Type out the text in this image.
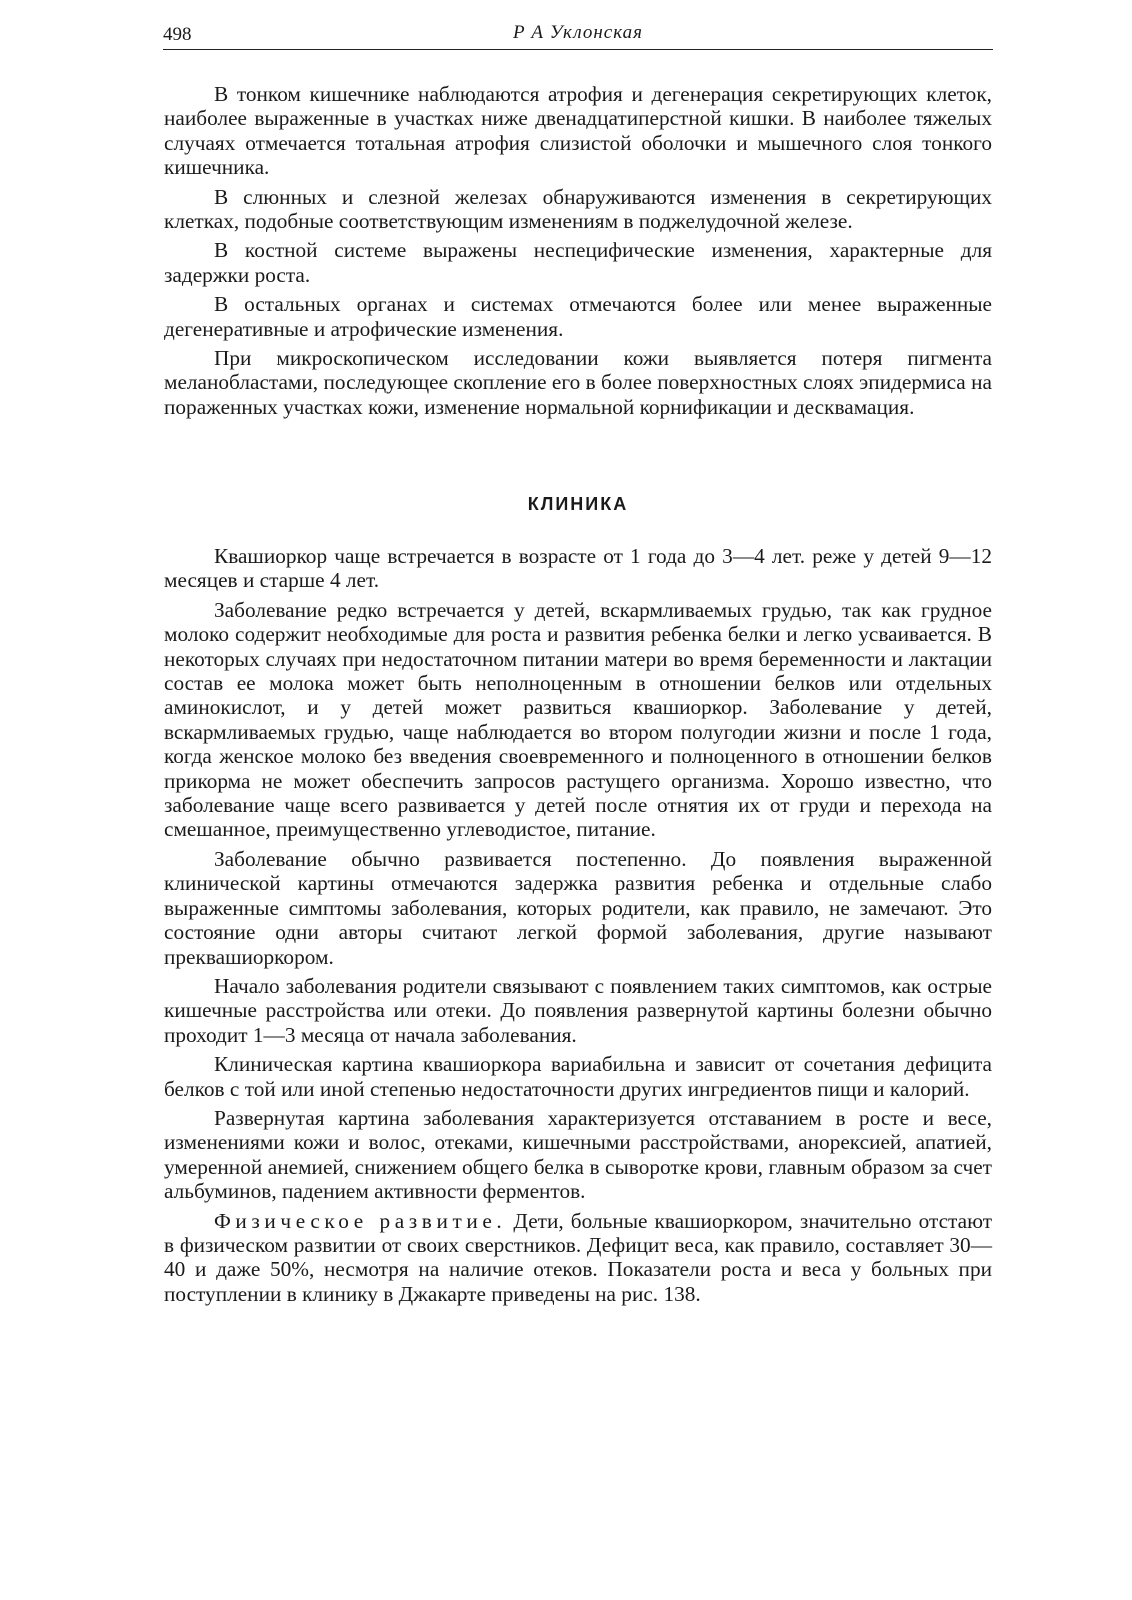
498	Р А Уклонская

В тонком кишечнике наблюдаются атрофия и дегенерация секретирующих клеток, наиболее выраженные в участках ниже двенадцатиперстной кишки. В наиболее тяжелых случаях отмечается тотальная атрофия слизистой оболочки и мышечного слоя тонкого кишечника.

В слюнных и слезной железах обнаруживаются изменения в секретирующих клетках, подобные соответствующим изменениям в поджелудочной железе.

В костной системе выражены неспецифические изменения, характерные для задержки роста.

В остальных органах и системах отмечаются более или менее выраженные дегенеративные и атрофические изменения.

При микроскопическом исследовании кожи выявляется потеря пигмента меланобластами, последующее скопление его в более поверхностных слоях эпидермиса на пораженных участках кожи, изменение нормальной корнификации и десквамация.

КЛИНИКА

Квашиоркор чаще встречается в возрасте от 1 года до 3—4 лет. реже у детей 9—12 месяцев и старше 4 лет.

Заболевание редко встречается у детей, вскармливаемых грудью, так как грудное молоко содержит необходимые для роста и развития ребенка белки и легко усваивается. В некоторых случаях при недостаточном питании матери во время беременности и лактации состав ее молока может быть неполноценным в отношении белков или отдельных аминокислот, и у детей может развиться квашиоркор. Заболевание у детей, вскармливаемых грудью, чаще наблюдается во втором полугодии жизни и после 1 года, когда женское молоко без введения своевременного и полноценного в отношении белков прикорма не может обеспечить запросов растущего организма. Хорошо известно, что заболевание чаще всего развивается у детей после отнятия их от груди и перехода на смешанное, преимущественно углеводистое, питание.

Заболевание обычно развивается постепенно. До появления выраженной клинической картины отмечаются задержка развития ребенка и отдельные слабо выраженные симптомы заболевания, которых родители, как правило, не замечают. Это состояние одни авторы считают легкой формой заболевания, другие называют преквашиоркором.

Начало заболевания родители связывают с появлением таких симптомов, как острые кишечные расстройства или отеки. До появления развернутой картины болезни обычно проходит 1—3 месяца от начала заболевания.

Клиническая картина квашиоркора вариабильна и зависит от сочетания дефицита белков с той или иной степенью недостаточности других ингредиентов пищи и калорий.

Развернутая картина заболевания характеризуется отставанием в росте и весе, изменениями кожи и волос, отеками, кишечными расстройствами, анорексией, апатией, умеренной анемией, снижением общего белка в сыворотке крови, главным образом за счет альбуминов, падением активности ферментов.

Физическое развитие. Дети, больные квашиоркором, значительно отстают в физическом развитии от своих сверстников. Дефицит веса, как правило, составляет 30—40 и даже 50%, несмотря на наличие отеков. Показатели роста и веса у больных при поступлении в клинику в Джакарте приведены на рис. 138.
